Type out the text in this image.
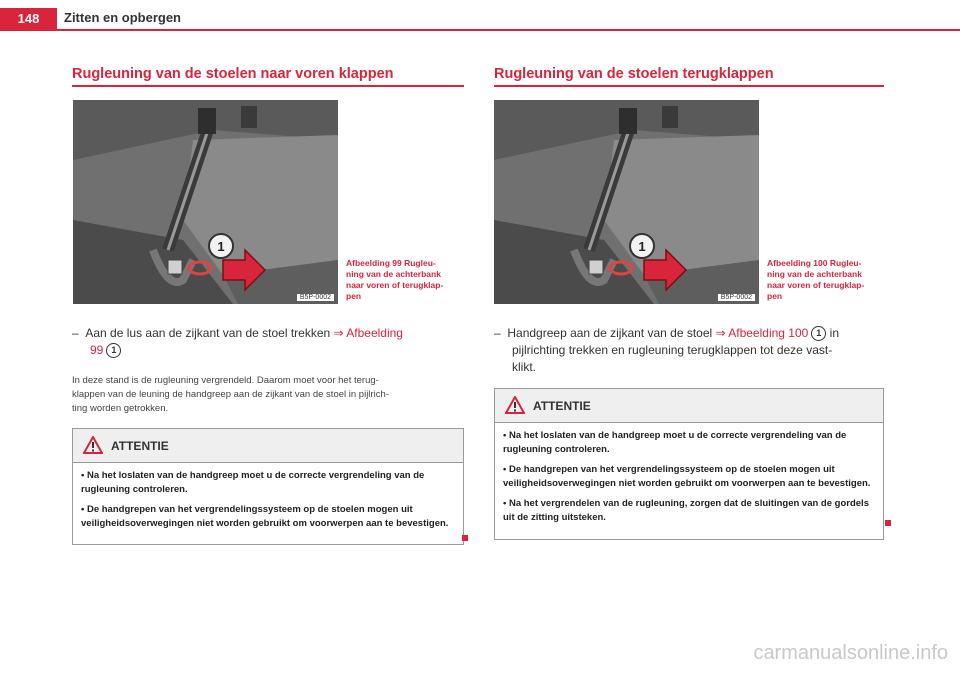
148	Zitten en opbergen
Rugleuning van de stoelen naar voren klappen
1
B5P-0002
Afbeelding 99 Rugleu-
ning van de achterbank
naar voren of terugklap-
pen
– Aan de lus aan de zijkant van de stoel trekken ⇒ Afbeelding
99 1
In deze stand is de rugleuning vergrendeld. Daarom moet voor het terug-
klappen van de leuning de handgreep aan de zijkant van de stoel in pijlrich-
ting worden getrokken.
ATTENTIE
• Na het loslaten van de handgreep moet u de correcte vergrendeling van de rugleuning controleren.
• De handgrepen van het vergrendelingssysteem op de stoelen mogen uit veiligheidsoverwegingen niet worden gebruikt om voorwerpen aan te bevestigen.
Rugleuning van de stoelen terugklappen
1
B5P-0002
Afbeelding 100 Rugleu-
ning van de achterbank
naar voren of terugklap-
pen
– Handgreep aan de zijkant van de stoel ⇒ Afbeelding 100 1 in
pijlrichting trekken en rugleuning terugklappen tot deze vast-
klikt.
ATTENTIE
• Na het loslaten van de handgreep moet u de correcte vergrendeling van de rugleuning controleren.
• De handgrepen van het vergrendelingssysteem op de stoelen mogen uit veiligheidsoverwegingen niet worden gebruikt om voorwerpen aan te bevestigen.
• Na het vergrendelen van de rugleuning, zorgen dat de sluitingen van de gordels uit de zitting uitsteken.
carmanualsonline.info
